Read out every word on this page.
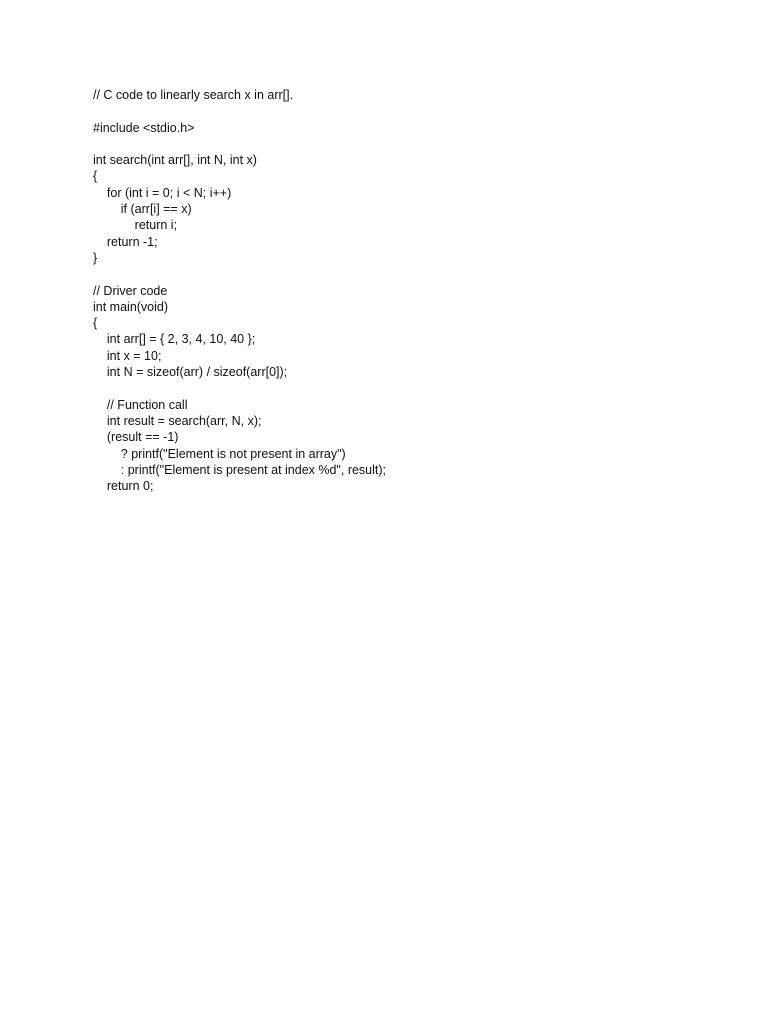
// C code to linearly search x in arr[].
#include <stdio.h>
int search(int arr[], int N, int x)
{
for (int i = 0; i < N; i++)
if (arr[i] == x)
return i;
return -1;
}
// Driver code
int main(void)
{
int arr[] = { 2, 3, 4, 10, 40 };
int x = 10;
int N = sizeof(arr) / sizeof(arr[0]);
// Function call
int result = search(arr, N, x);
(result == -1)
? printf("Element is not present in array")
: printf("Element is present at index %d", result);
return 0;
